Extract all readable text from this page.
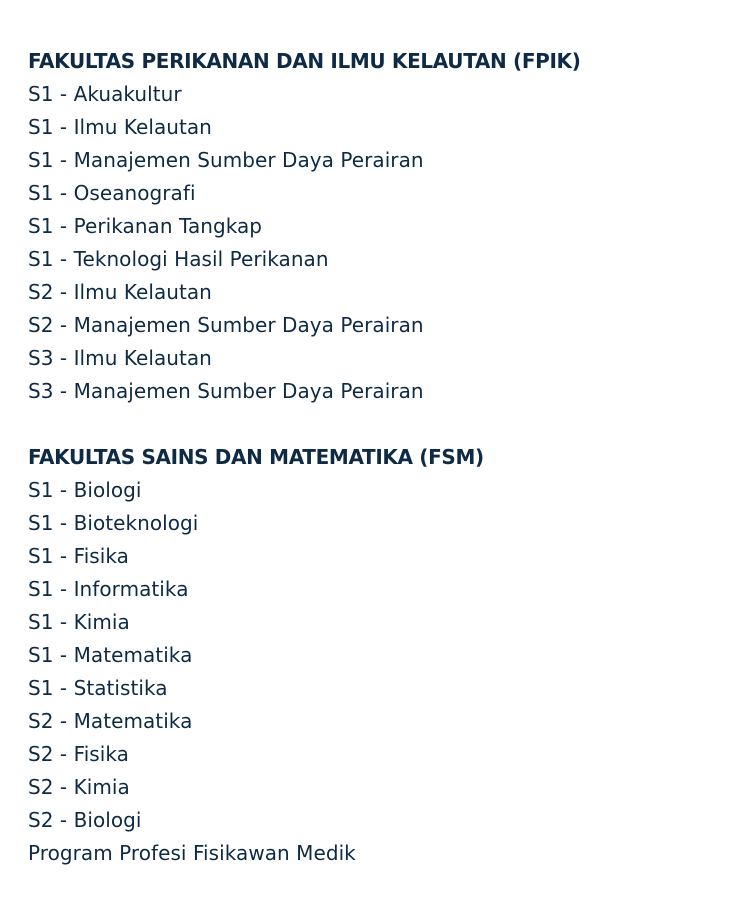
FAKULTAS PERIKANAN DAN ILMU KELAUTAN (FPIK)
S1 - Akuakultur
S1 - Ilmu Kelautan
S1 - Manajemen Sumber Daya Perairan
S1 - Oseanografi
S1 - Perikanan Tangkap
S1 - Teknologi Hasil Perikanan
S2 - Ilmu Kelautan
S2 - Manajemen Sumber Daya Perairan
S3 - Ilmu Kelautan
S3 - Manajemen Sumber Daya Perairan
FAKULTAS SAINS DAN MATEMATIKA (FSM)
S1 - Biologi
S1 - Bioteknologi
S1 - Fisika
S1 - Informatika
S1 - Kimia
S1 - Matematika
S1 - Statistika
S2 - Matematika
S2 - Fisika
S2 - Kimia
S2 - Biologi
Program Profesi Fisikawan Medik
